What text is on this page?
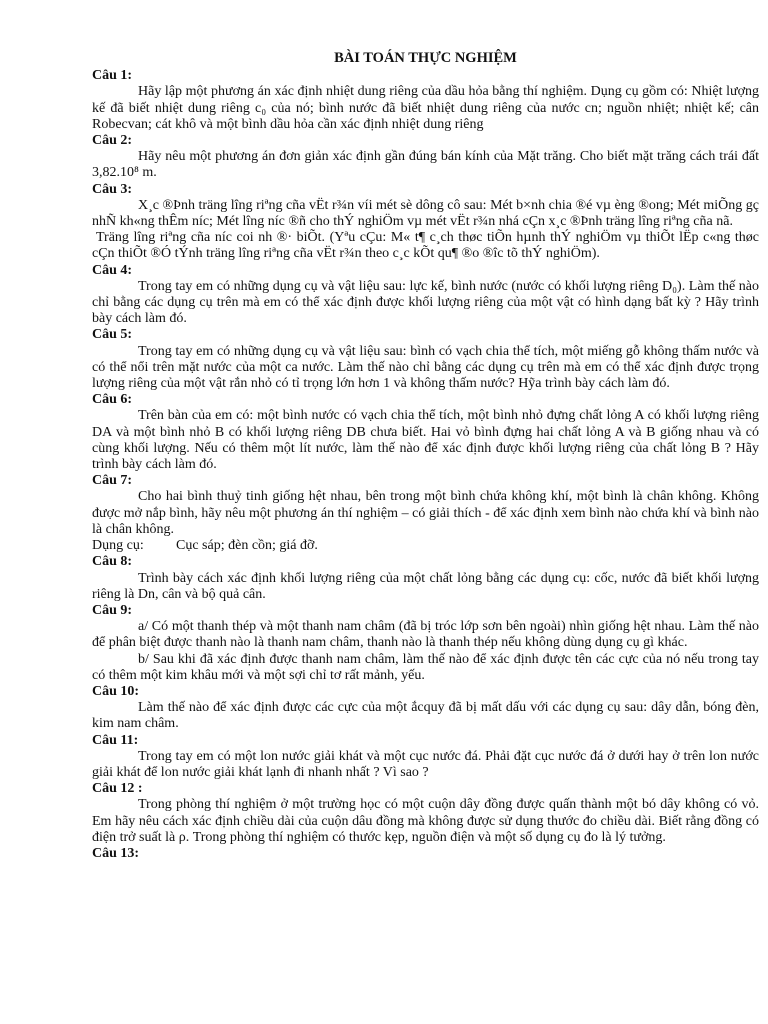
BÀI TOÁN THỰC NGHIỆM
Câu 1:

Hãy lập một phương án xác định nhiệt dung riêng của dầu hỏa bằng thí nghiệm. Dụng cụ gồm có: Nhiệt lượng kế đã biết nhiệt dung riêng c₀ của nó; bình nước đã biết nhiệt dung riêng của nước cn; nguồn nhiệt; nhiệt kế; cân Robecvan; cát khô và một bình dầu hỏa cần xác định nhiệt dung riêng

Câu 2:

Hãy nêu một phương án đơn giản xác định gần đúng bán kính của Mặt trăng. Cho biết mặt trăng cách trái đất 3,82.10⁸ m.

Câu 3:

X¸c ®Þnh träng lîng riªng cña vËt r¾n víi mét sè dông cô sau: Mét b×nh chia ®é vµ èng ®ong; Mét miÕng gç nhÑ kh«ng thÊm níc; Mét lîng níc ®ñ cho thÝ nghiÖm vµ mét vËt r¾n nhá cÇn x¸c ®Þnh träng lîng riªng cña nã.

Träng lîng riªng cña níc coi nh ®· biÕt. (Yªu cÇu: M« t¶ c¸ch thøc tiÕn hµnh thÝ nghiÖm vµ thiÕt lËp c«ng thøc cÇn thiÕt ®Ó tÝnh träng lîng riªng cña vËt r¾n theo c¸c kÕt qu¶ ®o ®îc tõ thÝ nghiÖm).

Câu 4:

Trong tay em có những dụng cụ và vật liệu sau: lực kế, bình nước (nước có khối lượng riêng D₀). Làm thế nào chỉ bằng các dụng cụ trên mà em có thể xác định được khối lượng riêng của một vật có hình dạng bất kỳ ? Hãy trình bày cách làm đó.

Câu 5:

Trong tay em có những dụng cụ và vật liệu sau: bình có vạch chia thể tích, một miếng gỗ không thấm nước và có thể nổi trên mặt nước của một ca nước. Làm thế nào chỉ bằng các dụng cụ trên mà em có thể xác định được trọng lượng riêng của một vật rắn nhỏ có tỉ trọng lớn hơn 1 và không thấm nước? Hỹa trình bày cách làm đó.

Câu 6:

Trên bàn của em có: một bình nước có vạch chia thể tích, một bình nhỏ đựng chất lỏng A có khối lượng riêng DA và một bình nhỏ B có khối lượng riêng DB chưa biết. Hai vỏ bình đựng hai chất lỏng A và B giống nhau và có cùng khối lượng. Nếu có thêm một lít nước, làm thế nào để xác định được khối lượng riêng của chất lỏng B ? Hãy trình bày cách làm đó.

Câu 7:

Cho hai bình thuỷ tinh giống hệt nhau, bên trong một bình chứa không khí, một bình là chân không. Không được mở nắp bình, hãy nêu một phương án thí nghiệm – có giải thích - để xác định xem bình nào chứa khí và bình nào là chân không.

Dụng cụ:	Cục sáp; đèn cồn; giá đỡ.
Câu 8:

Trình bày cách xác định khối lượng riêng của một chất lỏng bằng các dụng cụ: cốc, nước đã biết khối lượng riêng là Dn, cân và bộ quả cân.

Câu 9:

a/ Có một thanh thép và một thanh nam châm (đã bị tróc lớp sơn bên ngoài) nhìn giống hệt nhau. Làm thế nào để phân biệt được thanh nào là thanh nam châm, thanh nào là thanh thép nếu không dùng dụng cụ gì khác.

b/ Sau khi đã xác định được thanh nam châm, làm thế nào để xác định được tên các cực của nó nếu trong tay có thêm một kim khâu mới và một sợi chỉ tơ rất mảnh, yếu.

Câu 10:

Làm thế nào để xác định được các cực của một ắcquy đã bị mất dấu với các dụng cụ sau: dây dẫn, bóng đèn, kim nam châm.

Câu 11:

Trong tay em có một lon nước giải khát và một cục nước đá. Phải đặt cục nước đá ở dưới hay ở trên lon nước giải khát để lon nước giải khát lạnh đi nhanh nhất ? Vì sao ?

Câu 12 :

Trong phòng thí nghiệm ở một trường học có một cuộn dây đồng được quấn thành một bó dây không có vỏ. Em hãy nêu cách xác định chiều dài của cuộn dâu đồng mà không được sử dụng thước đo chiều dài. Biết rằng đồng có điện trở suất là ρ. Trong phòng thí nghiệm có thước kẹp, nguồn điện và một số dụng cụ đo là lý tưởng.

Câu 13:
